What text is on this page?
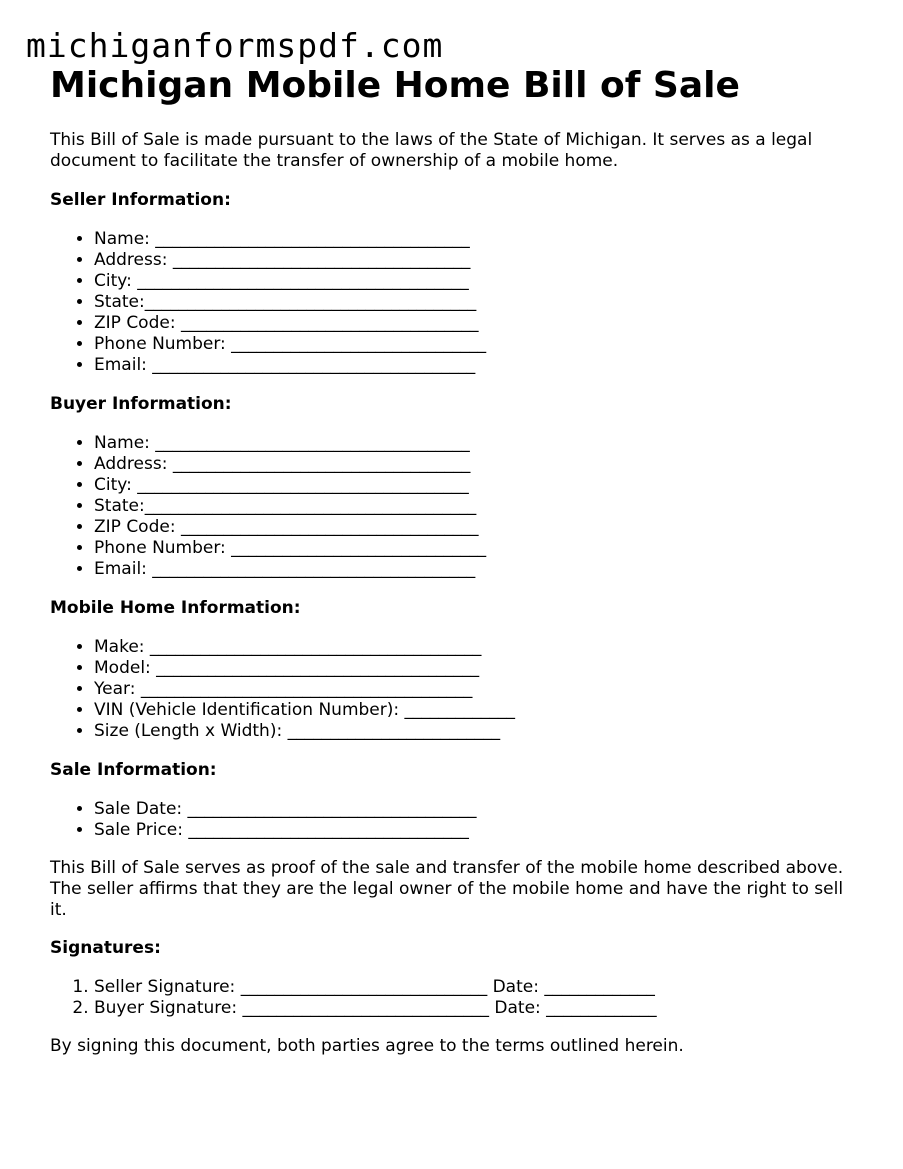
michiganformspdf.com
Michigan Mobile Home Bill of Sale

This Bill of Sale is made pursuant to the laws of the State of Michigan. It serves as a legal document to facilitate the transfer of ownership of a mobile home.

Seller Information:

• Name: _____________________________________
• Address: ___________________________________
• City: _______________________________________
• State:_______________________________________
• ZIP Code: ___________________________________
• Phone Number: ______________________________
• Email: ______________________________________

Buyer Information:

• Name: _____________________________________
• Address: ___________________________________
• City: _______________________________________
• State:_______________________________________
• ZIP Code: ___________________________________
• Phone Number: ______________________________
• Email: ______________________________________

Mobile Home Information:

• Make: _______________________________________
• Model: ______________________________________
• Year: _______________________________________
• VIN (Vehicle Identification Number): _____________
• Size (Length x Width): _________________________

Sale Information:

• Sale Date: __________________________________
• Sale Price: _________________________________

This Bill of Sale serves as proof of the sale and transfer of the mobile home described above. The seller affirms that they are the legal owner of the mobile home and have the right to sell it.

Signatures:

1. Seller Signature: _____________________________ Date: _____________
2. Buyer Signature: _____________________________ Date: _____________

By signing this document, both parties agree to the terms outlined herein.
